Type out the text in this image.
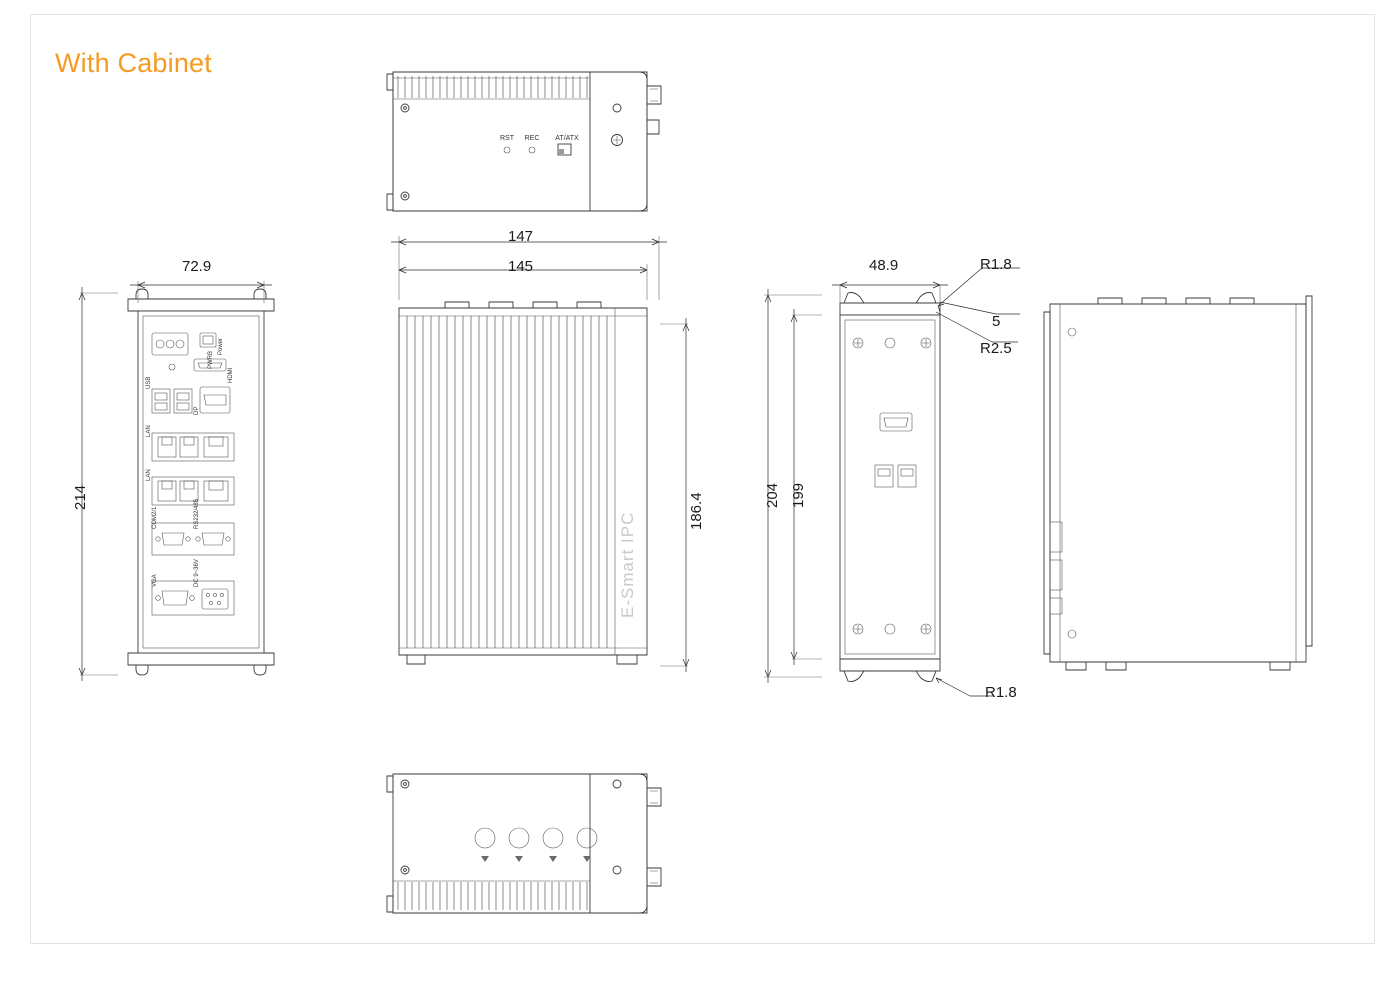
With Cabinet
RST REC AT/ATX
Power
PWRB
HDMI
USB
DP
LAN
LAN
COM2/1	RS232/485
VGA	DC 9~36V
72.9
214
E-Smart IPC
147
145
186.4
48.9
204 199
R1.8
5
R2.5
R1.8
